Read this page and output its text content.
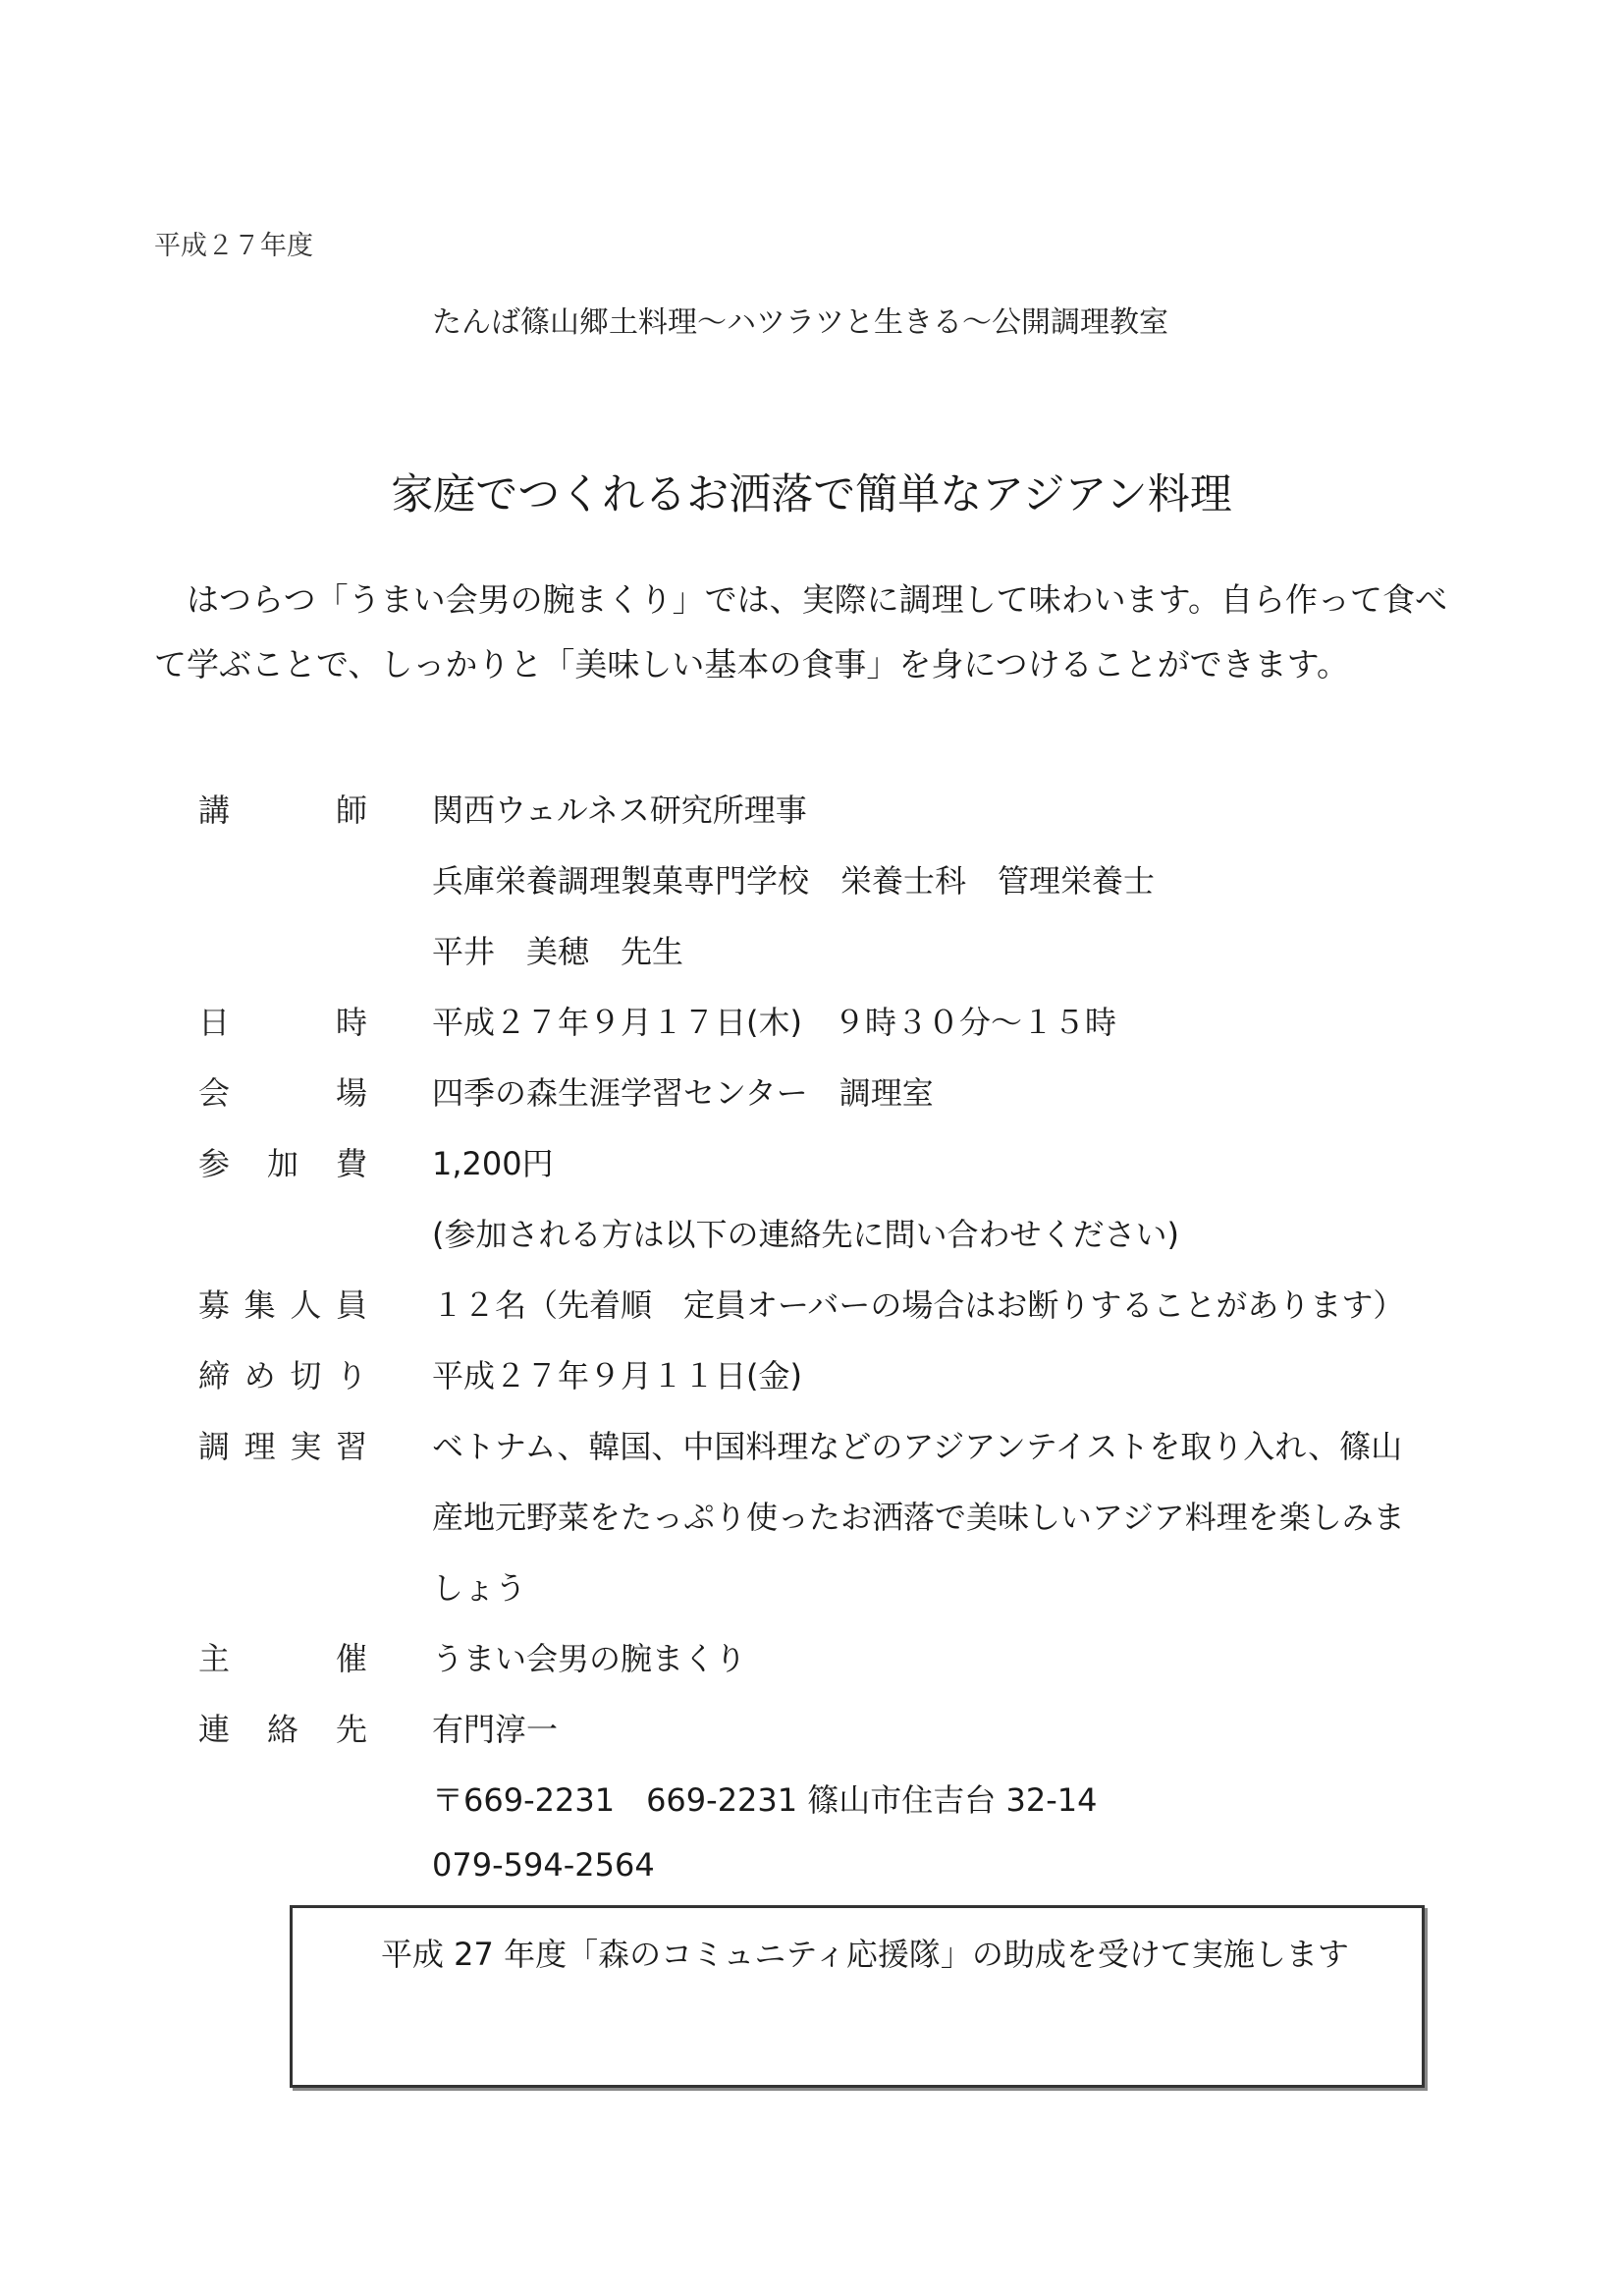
平成２７年度
たんば篠山郷土料理～ハツラツと生きる～公開調理教室
家庭でつくれるお洒落で簡単なアジアン料理
はつらつ「うまい会男の腕まくり」では、実際に調理して味わいます。自ら作って食べて学ぶことで、しっかりと「美味しい基本の食事」を身につけることができます。
講	師 関西ウェルネス研究所理事
兵庫栄養調理製菓専門学校　栄養士科　管理栄養士
平井　美穂　先生
日	時 平成２７年９月１７日(木)　９時３０分～１５時
会	場 四季の森生涯学習センター　調理室
参 加 費 1,200円
(参加される方は以下の連絡先に問い合わせください)
募 集 人 員 １２名（先着順　定員オーバーの場合はお断りすることがあります）
締 め 切 り 平成２７年９月１１日(金)
調 理 実 習 ベトナム、韓国、中国料理などのアジアンテイストを取り入れ、篠山
産地元野菜をたっぷり使ったお洒落で美味しいアジア料理を楽しみま
しょう
主	催 うまい会男の腕まくり
連 絡 先 有門淳一
〒669-2231　669-2231 篠山市住吉台 32-14
079-594-2564
平成 27 年度「森のコミュニティ応援隊」の助成を受けて実施します
